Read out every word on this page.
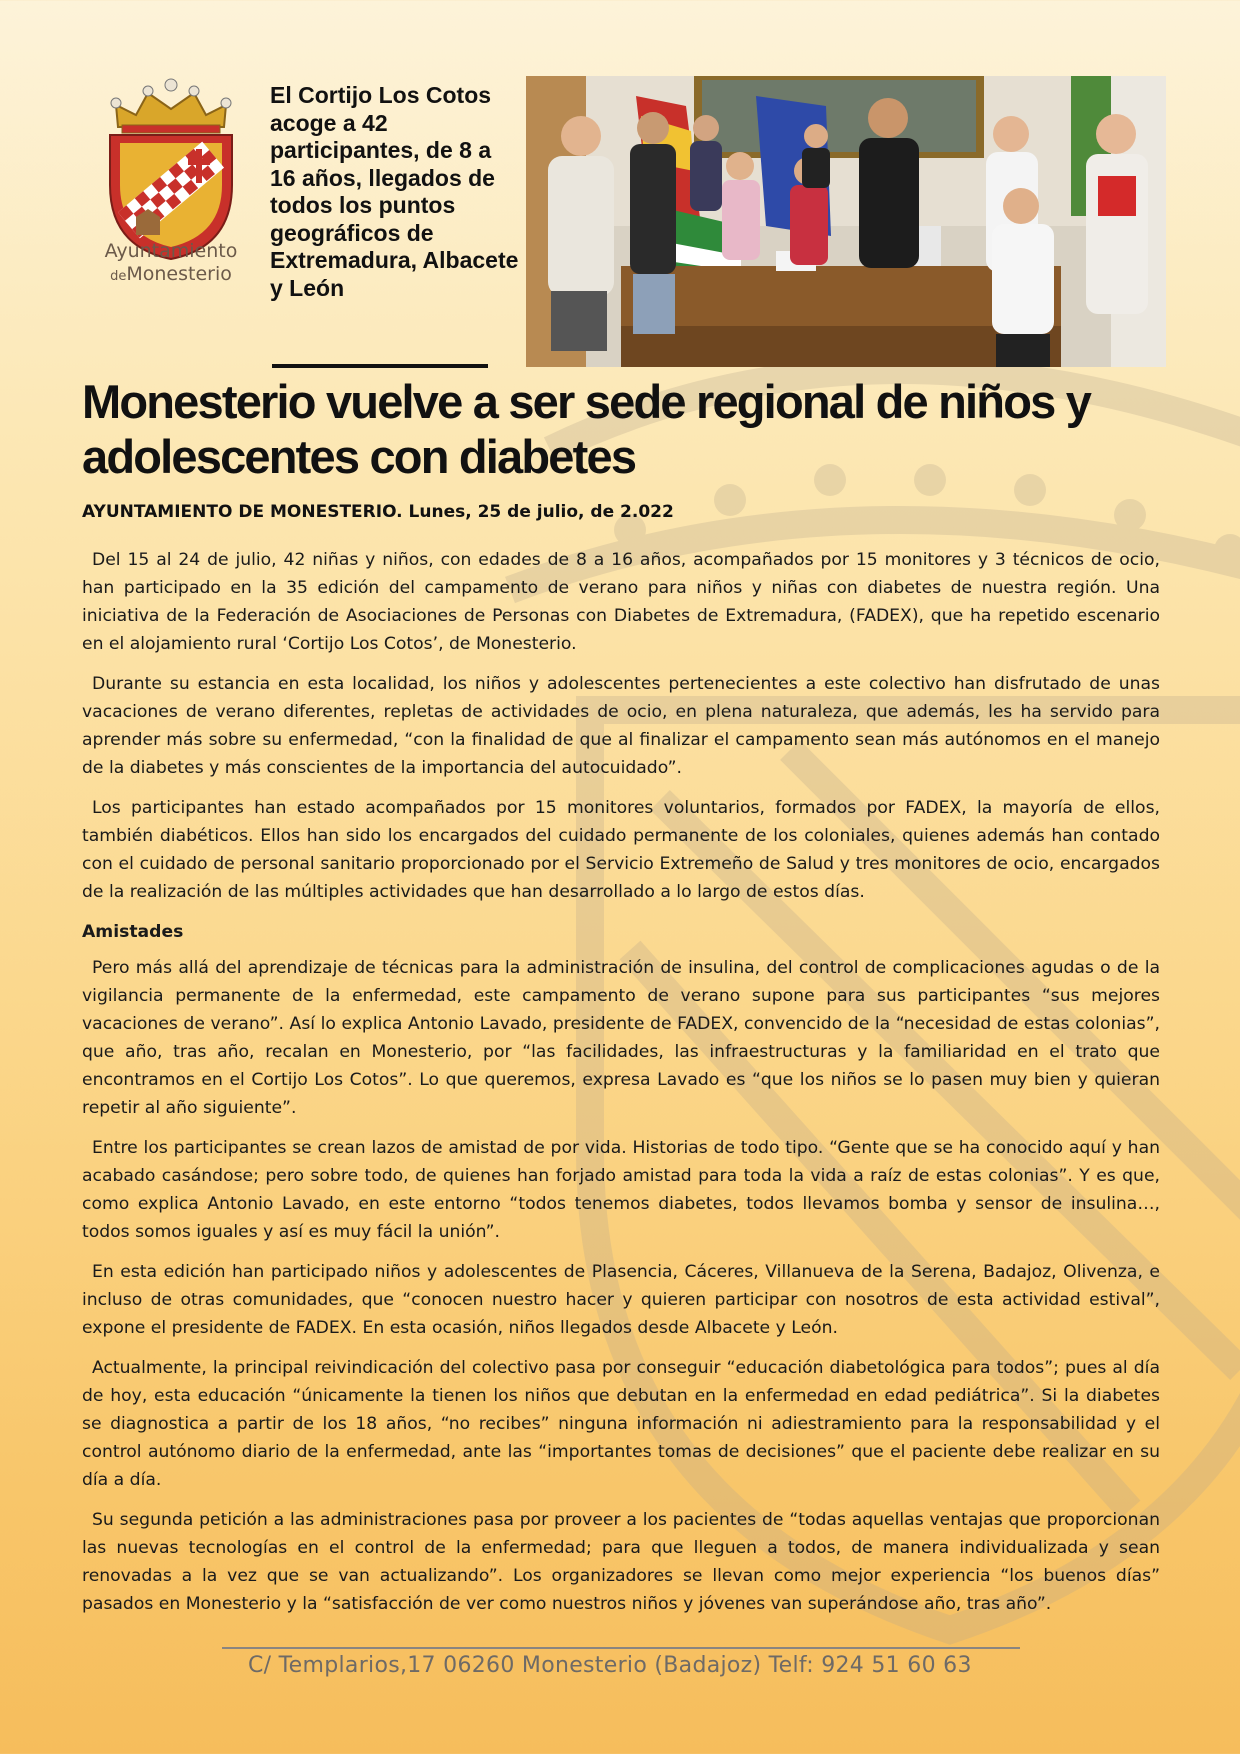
Ayuntamiento
deMonesterio
El Cortijo Los Cotos acoge a 42 participantes, de 8 a 16 años, llegados de todos los puntos geográficos de Extremadura, Albacete y León
Monesterio vuelve a ser sede regional de niños y adolescentes con diabetes

AYUNTAMIENTO DE MONESTERIO. Lunes, 25 de julio, de 2.022

Del 15 al 24 de julio, 42 niñas y niños, con edades de 8 a 16 años, acompañados por 15 monitores y 3 técnicos de ocio, han participado en la 35 edición del campamento de verano para niños y niñas con diabetes de nuestra región. Una iniciativa de la Federación de Asociaciones de Personas con Diabetes de Extremadura, (FADEX), que ha repetido escenario en el alojamiento rural ‘Cortijo Los Cotos’, de Monesterio.

Durante su estancia en esta localidad, los niños y adolescentes pertenecientes a este colectivo han disfrutado de unas vacaciones de verano diferentes, repletas de actividades de ocio, en plena naturaleza, que además, les ha servido para aprender más sobre su enfermedad, “con la finalidad de que al finalizar el campamento sean más autónomos en el manejo de la diabetes y más conscientes de la importancia del autocuidado”.

Los participantes han estado acompañados por 15 monitores voluntarios, formados por FADEX, la mayoría de ellos, también diabéticos. Ellos han sido los encargados del cuidado permanente de los coloniales, quienes además han contado con el cuidado de personal sanitario proporcionado por el Servicio Extremeño de Salud y tres monitores de ocio, encargados de la realización de las múltiples actividades que han desarrollado a lo largo de estos días.

Amistades

Pero más allá del aprendizaje de técnicas para la administración de insulina, del control de complicaciones agudas o de la vigilancia permanente de la enfermedad, este campamento de verano supone para sus participantes “sus mejores vacaciones de verano”. Así lo explica Antonio Lavado, presidente de FADEX, convencido de la “necesidad de estas colonias”, que año, tras año, recalan en Monesterio, por “las facilidades, las infraestructuras y la familiaridad en el trato que encontramos en el Cortijo Los Cotos”. Lo que queremos, expresa Lavado es “que los niños se lo pasen muy bien y quieran repetir al año siguiente”.

Entre los participantes se crean lazos de amistad de por vida. Historias de todo tipo. “Gente que se ha conocido aquí y han acabado casándose; pero sobre todo, de quienes han forjado amistad para toda la vida a raíz de estas colonias”. Y es que, como explica Antonio Lavado, en este entorno “todos tenemos diabetes, todos llevamos bomba y sensor de insulina…, todos somos iguales y así es muy fácil la unión”.

En esta edición han participado niños y adolescentes de Plasencia, Cáceres, Villanueva de la Serena, Badajoz, Olivenza, e incluso de otras comunidades, que “conocen nuestro hacer y quieren participar con nosotros de esta actividad estival”, expone el presidente de FADEX. En esta ocasión, niños llegados desde Albacete y León.

Actualmente, la principal reivindicación del colectivo pasa por conseguir “educación diabetológica para todos”; pues al día de hoy, esta educación “únicamente la tienen los niños que debutan en la enfermedad en edad pediátrica”. Si la diabetes se diagnostica a partir de los 18 años, “no recibes” ninguna información ni adiestramiento para la responsabilidad y el control autónomo diario de la enfermedad, ante las “importantes tomas de decisiones” que el paciente debe realizar en su día a día.

Su segunda petición a las administraciones pasa por proveer a los pacientes de “todas aquellas ventajas que proporcionan las nuevas tecnologías en el control de la enfermedad; para que lleguen a todos, de manera individualizada y sean renovadas a la vez que se van actualizando”. Los organizadores se llevan como mejor experiencia “los buenos días” pasados en Monesterio y la “satisfacción de ver como nuestros niños y jóvenes van superándose año, tras año”.

C/ Templarios,17 06260 Monesterio (Badajoz) Telf: 924 51 60 63
